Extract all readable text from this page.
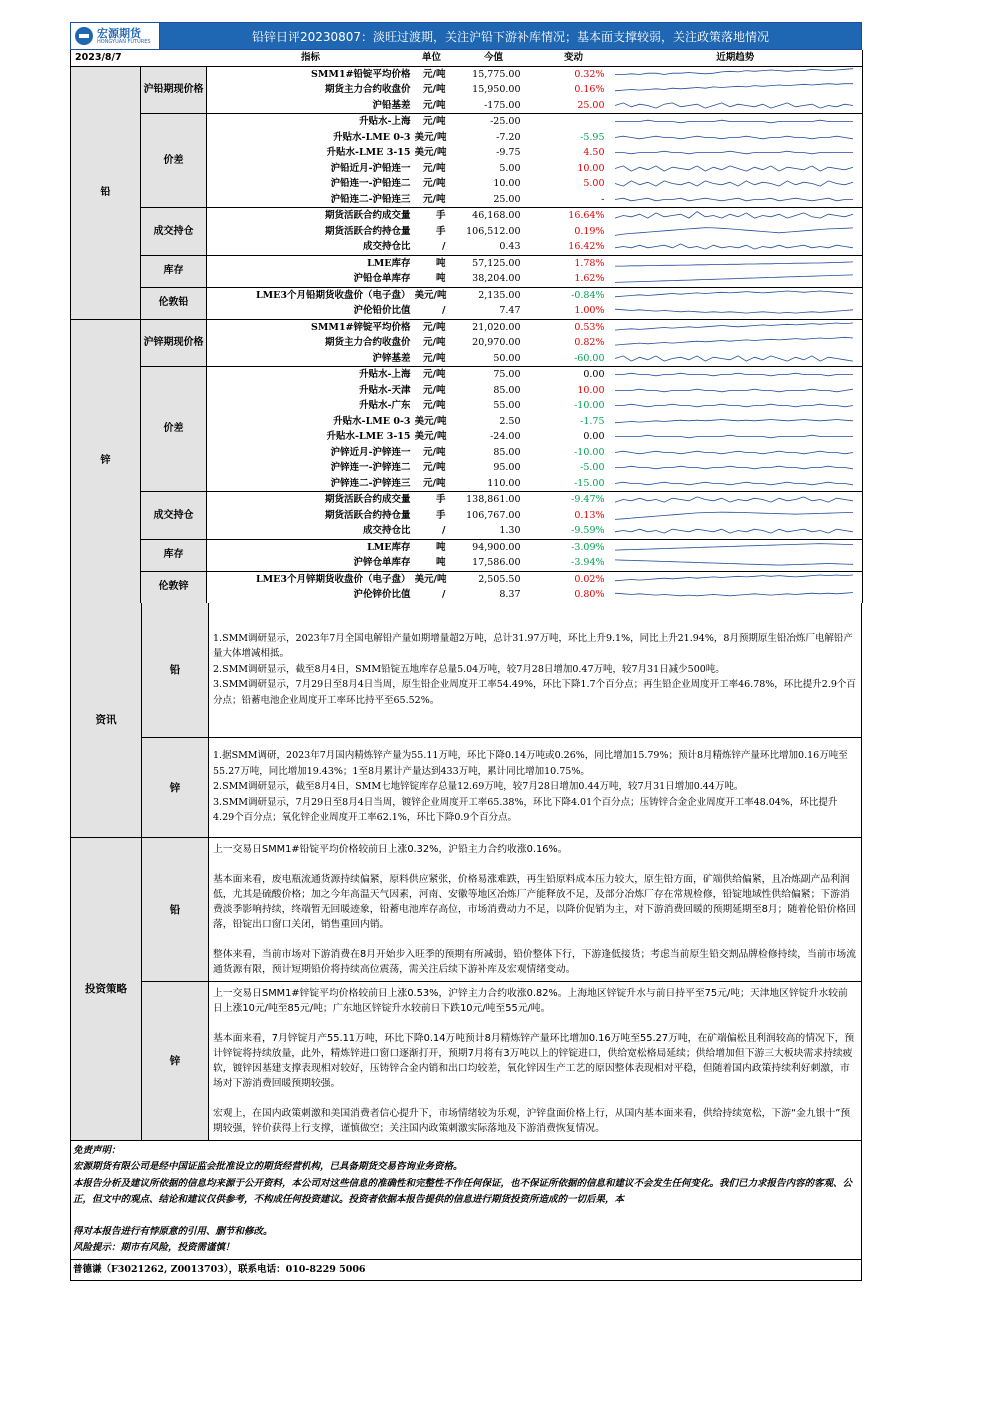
宏源期货
HONGYUAN FUTURES	铅锌日评20230807：淡旺过渡期，关注沪铅下游补库情况；基本面支撑较弱，关注政策落地情况
2023/8/7		指标	单位	今值	变动	近期趋势
铅	沪铅期现价格	SMM1#铅锭平均价格	元/吨	15,775.00	0.32%	

		期货主力合约收盘价	元/吨	15,950.00	0.16%	

		沪铅基差	元/吨	-175.00	25.00	

	价差	升贴水-上海	元/吨	-25.00		

		升贴水-LME 0-3	美元/吨	-7.20	-5.95	

		升贴水-LME 3-15	美元/吨	-9.75	4.50	

		沪铅近月-沪铅连一	元/吨	5.00	10.00	

		沪铅连一-沪铅连二	元/吨	10.00	5.00	

		沪铅连二-沪铅连三	元/吨	25.00	-	

	成交持仓	期货活跃合约成交量	手	46,168.00	16.64%	

		期货活跃合约持仓量	手	106,512.00	0.19%	

		成交持仓比	/	0.43	16.42%	

	库存	LME库存	吨	57,125.00	1.78%	

		沪铅仓单库存	吨	38,204.00	1.62%	

	伦敦铅	LME3个月铅期货收盘价（电子盘）	美元/吨	2,135.00	-0.84%	

		沪伦铅价比值	/	7.47	1.00%	

锌	沪锌期现价格	SMM1#锌锭平均价格	元/吨	21,020.00	0.53%	

		期货主力合约收盘价	元/吨	20,970.00	0.82%	

		沪锌基差	元/吨	50.00	-60.00	

	价差	升贴水-上海	元/吨	75.00	0.00	

		升贴水-天津	元/吨	85.00	10.00	

		升贴水-广东	元/吨	55.00	-10.00	

		升贴水-LME 0-3	美元/吨	2.50	-1.75	

		升贴水-LME 3-15	美元/吨	-24.00	0.00	

		沪锌近月-沪锌连一	元/吨	85.00	-10.00	

		沪锌连一-沪锌连二	元/吨	95.00	-5.00	

		沪锌连二-沪锌连三	元/吨	110.00	-15.00	

	成交持仓	期货活跃合约成交量	手	138,861.00	-9.47%	

		期货活跃合约持仓量	手	106,767.00	0.13%	

		成交持仓比	/	1.30	-9.59%	

	库存	LME库存	吨	94,900.00	-3.09%	

		沪锌仓单库存	吨	17,586.00	-3.94%	

	伦敦锌	LME3个月锌期货收盘价（电子盘）	美元/吨	2,505.50	0.02%	

		沪伦锌价比值	/	8.37	0.80%	
资讯
铅

1.SMM调研显示，2023年7月全国电解铅产量如期增量超2万吨，总计31.97万吨，环比上升9.1%，同比上升21.94%，8月预期原生铅冶炼厂电解铅产量大体增减相抵。

2.SMM调研显示，截至8月4日，SMM铅锭五地库存总量5.04万吨，较7月28日增加0.47万吨，较7月31日减少500吨。

3.SMM调研显示，7月29日至8月4日当周，原生铅企业周度开工率54.49%，环比下降1.7个百分点；再生铅企业周度开工率46.78%，环比提升2.9个百分点；铅蓄电池企业周度开工率环比持平至65.52%。

锌

1.据SMM调研，2023年7月国内精炼锌产量为55.11万吨，环比下降0.14万吨或0.26%，同比增加15.79%；预计8月精炼锌产量环比增加0.16万吨至55.27万吨，同比增加19.43%；1至8月累计产量达到433万吨，累计同比增加10.75%。

2.SMM调研显示，截至8月4日，SMM七地锌锭库存总量12.69万吨，较7月28日增加0.44万吨，较7月31日增加0.44万吨。

3.SMM调研显示，7月29日至8月4日当周，镀锌企业周度开工率65.38%，环比下降4.01个百分点；压铸锌合金企业周度开工率48.04%，环比提升4.29个百分点；氧化锌企业周度开工率62.1%，环比下降0.9个百分点。

投资策略
铅

上一交易日SMM1#铅锭平均价格较前日上涨0.32%，沪铅主力合约收涨0.16%。

基本面来看，废电瓶流通货源持续偏紧，原料供应紧张，价格易涨难跌，再生铅原料成本压力较大，原生铅方面，矿端供给偏紧，且冶炼副产品利润低，尤其是硫酸价格；加之今年高温天气因素，河南、安徽等地区冶炼厂产能释放不足，及部分冶炼厂存在常规检修，铅锭地域性供给偏紧；下游消费淡季影响持续，终端暂无回暖迹象，铅蓄电池库存高位，市场消费动力不足，以降价促销为主，对下游消费回暖的预期延期至8月；随着伦铅价格回落，铅锭出口窗口关闭，销售重回内销。

整体来看，当前市场对下游消费在8月开始步入旺季的预期有所减弱，铅价整体下行，下游逢低接货；考虑当前原生铅交割品牌检修持续，当前市场流通货源有限，预计短期铅价将持续高位震荡，需关注后续下游补库及宏观情绪变动。

锌

上一交易日SMM1#锌锭平均价格较前日上涨0.53%，沪锌主力合约收涨0.82%。上海地区锌锭升水与前日持平至75元/吨；天津地区锌锭升水较前日上涨10元/吨至85元/吨；广东地区锌锭升水较前日下跌10元/吨至55元/吨。

基本面来看，7月锌锭月产55.11万吨，环比下降0.14万吨预计8月精炼锌产量环比增加0.16万吨至55.27万吨，在矿端偏松且利润较高的情况下，预计锌锭将持续放量，此外，精炼锌进口窗口逐渐打开，预期7月将有3万吨以上的锌锭进口，供给宽松格局延续；供给增加但下游三大板块需求持续疲软，镀锌因基建支撑表现相对较好，压铸锌合金内销和出口均较差，氧化锌因生产工艺的原因整体表现相对平稳，但随着国内政策持续利好刺激，市场对下游消费回暖预期较强。

宏观上，在国内政策刺激和美国消费者信心提升下，市场情绪较为乐观，沪锌盘面价格上行，从国内基本面来看，供给持续宽松，下游“金九银十”预期较强，锌价获得上行支撑，谨慎做空；关注国内政策刺激实际落地及下游消费恢复情况。

免责声明：
宏源期货有限公司是经中国证监会批准设立的期货经营机构，已具备期货交易咨询业务资格。
本报告分析及建议所依据的信息均来源于公开资料，本公司对这些信息的准确性和完整性不作任何保证，也不保证所依据的信息和建议不会发生任何变化。我们已力求报告内容的客观、公正，但文中的观点、结论和建议仅供参考，不构成任何投资建议。投资者依据本报告提供的信息进行期货投资所造成的一切后果，本
得对本报告进行有悖原意的引用、删节和修改。
风险提示：期市有风险，投资需谨慎！
普德谦（F3021262, Z0013703），联系电话：010-8229 5006
